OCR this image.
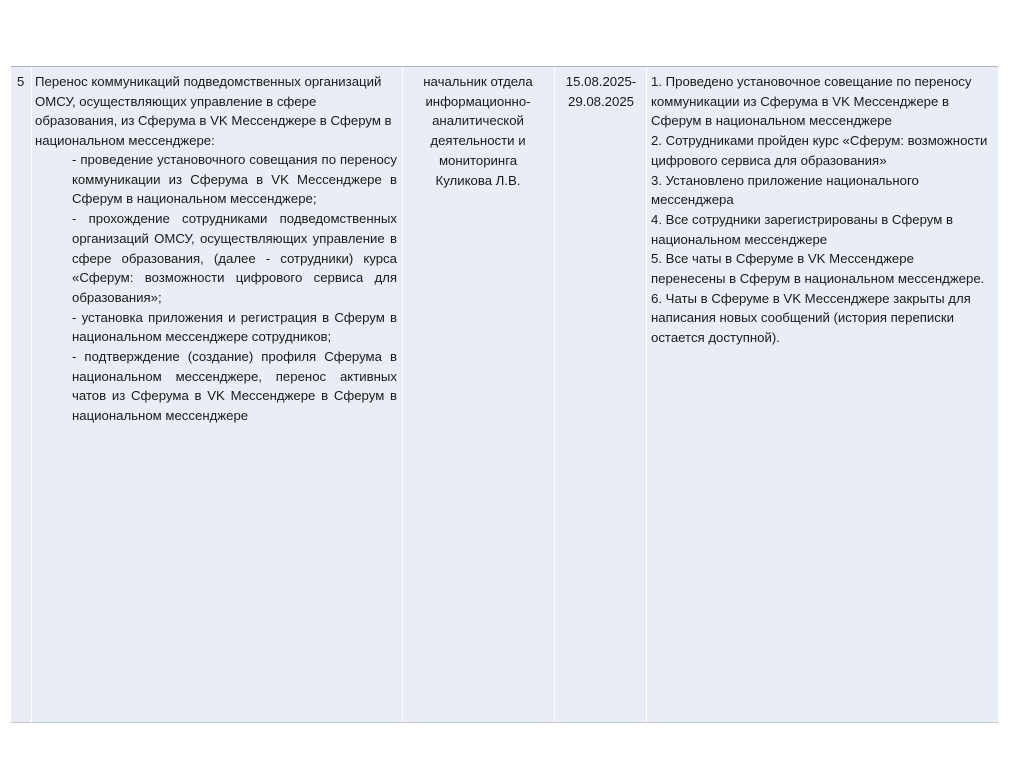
5 Перенос коммуникаций подведомственных организаций ОМСУ, осуществляющих управление в сфере образования, из Сферума в VK Мессенджере в Сферум в национальном мессенджере:

- проведение установочного совещания по переносу коммуникации из Сферума в VK Мессенджере в Сферум в национальном мессенджере;

- прохождение сотрудниками подведомственных организаций ОМСУ, осуществляющих управление в сфере образования, (далее - сотрудники) курса «Сферум: возможности цифрового сервиса для образования»;

- установка приложения и регистрация в Сферум в национальном мессенджере сотрудников;

- подтверждение (создание) профиля Сферума в национальном мессенджере, перенос активных чатов из Сферума в VK Мессенджере в Сферум в национальном мессенджере

начальник отдела информационно-аналитической деятельности и мониторинга Куликова Л.В.
15.08.2025-29.08.2025

1. Проведено установочное совещание по переносу коммуникации из Сферума в VK Мессенджере в Сферум в национальном мессенджере

2. Сотрудниками пройден курс «Сферум: возможности цифрового сервиса для образования»

3. Установлено приложение национального мессенджера

4. Все сотрудники зарегистрированы в Сферум в национальном мессенджере

5. Все чаты в Сферуме в VK Мессенджере перенесены в Сферум в национальном мессенджере.

6. Чаты в Сферуме в VK Мессенджере закрыты для написания новых сообщений (история переписки остается доступной).
